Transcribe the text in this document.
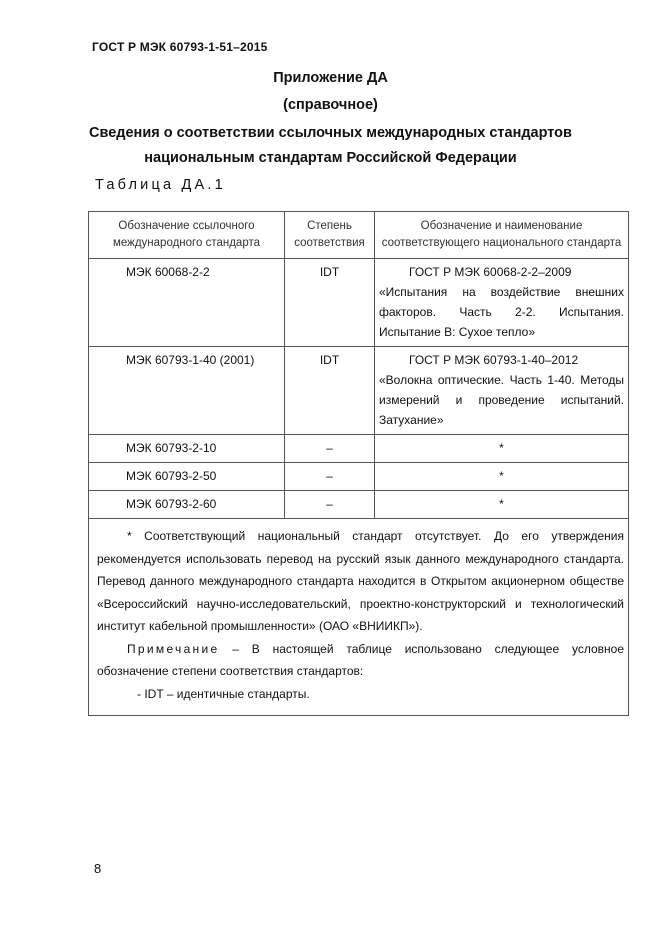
ГОСТ Р МЭК 60793-1-51–2015
Приложение ДА
(справочное)
Сведения о соответствии ссылочных международных стандартов
национальным стандартам Российской Федерации
Таблица ДА.1
Обозначение ссылочного международного стандарта	Степень соответствия	Обозначение и наименование соответствующего национального стандарта
МЭК 60068-2-2	IDT	ГОСТ Р МЭК 60068-2-2–2009
«Испытания на воздействие внешних факторов. Часть 2-2. Испытания. Испытание В: Сухое тепло»
МЭК 60793-1-40 (2001)	IDT	ГОСТ Р МЭК 60793-1-40–2012
«Волокна оптические. Часть 1-40. Методы измерений и проведение испытаний. Затухание»
МЭК 60793-2-10	–	*
МЭК 60793-2-50	–	*
МЭК 60793-2-60	–	*

* Соответствующий национальный стандарт отсутствует. До его утверждения рекомендуется использовать перевод на русский язык данного международного стандарта. Перевод данного международного стандарта находится в Открытом акционерном обществе «Всероссийский научно-исследовательский, проектно-конструкторский и технологический институт кабельной промышленности» (ОАО «ВНИИКП»).

Примечание – В настоящей таблице использовано следующее условное обозначение степени соответствия стандартов:

- IDT – идентичные стандарты.		

8
